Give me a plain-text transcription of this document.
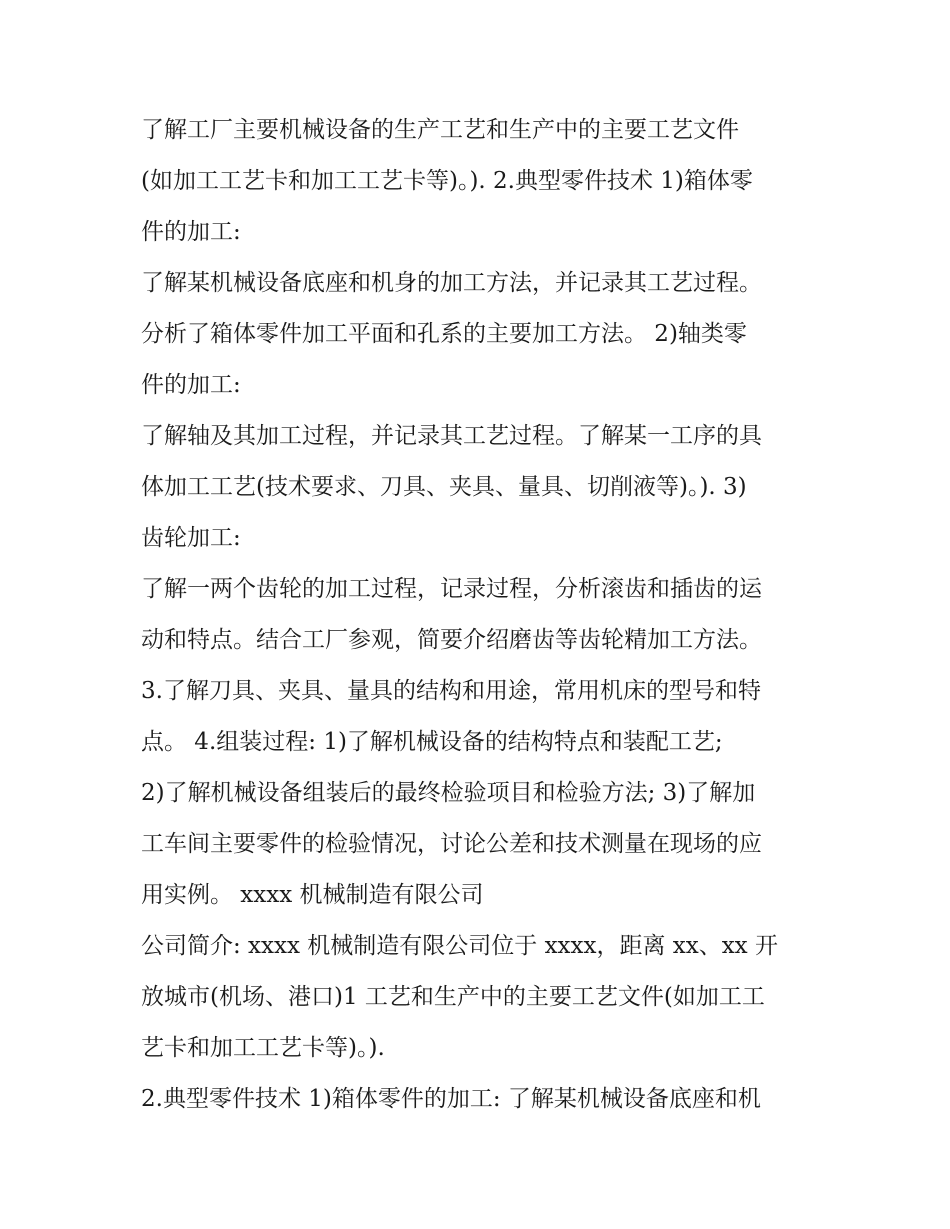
了解工厂主要机械设备的生产工艺和生产中的主要工艺文件
(如加工工艺卡和加工工艺卡等)。). 2.典型零件技术 1)箱体零
件的加工:
了解某机械设备底座和机身的加工方法，并记录其工艺过程。
分析了箱体零件加工平面和孔系的主要加工方法。 2)轴类零
件的加工:
了解轴及其加工过程，并记录其工艺过程。了解某一工序的具
体加工工艺(技术要求、刀具、夹具、量具、切削液等)。). 3)
齿轮加工:
了解一两个齿轮的加工过程，记录过程，分析滚齿和插齿的运
动和特点。结合工厂参观，简要介绍磨齿等齿轮精加工方法。
3.了解刀具、夹具、量具的结构和用途，常用机床的型号和特
点。 4.组装过程: 1)了解机械设备的结构特点和装配工艺;
2)了解机械设备组装后的最终检验项目和检验方法; 3)了解加
工车间主要零件的检验情况，讨论公差和技术测量在现场的应
用实例。 xxxx 机械制造有限公司
公司简介: xxxx 机械制造有限公司位于 xxxx，距离 xx、xx 开
放城市(机场、港口)1 工艺和生产中的主要工艺文件(如加工工
艺卡和加工工艺卡等)。).
2.典型零件技术 1)箱体零件的加工: 了解某机械设备底座和机
